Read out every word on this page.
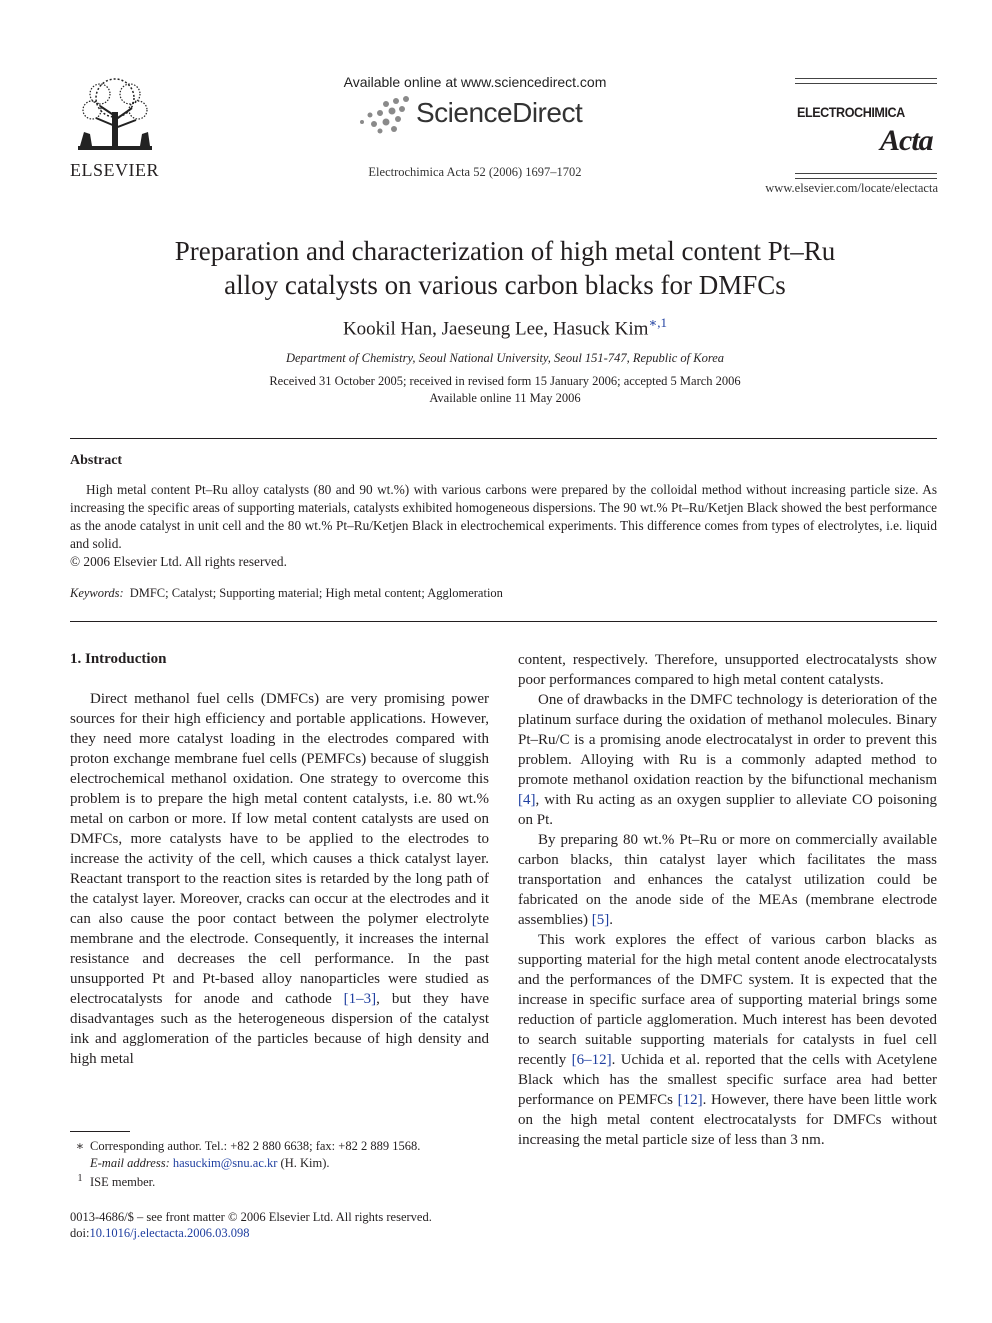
ELSEVIER
Available online at www.sciencedirect.com
ScienceDirect
Electrochimica Acta 52 (2006) 1697–1702
ELECTROCHIMICA
Acta
www.elsevier.com/locate/electacta
Preparation and characterization of high metal content Pt–Ru
alloy catalysts on various carbon blacks for DMFCs
Kookil Han, Jaeseung Lee, Hasuck Kim$^{∗,1}$
Department of Chemistry, Seoul National University, Seoul 151-747, Republic of Korea
Received 31 October 2005; received in revised form 15 January 2006; accepted 5 March 2006
Available online 11 May 2006
Abstract

High metal content Pt–Ru alloy catalysts (80 and 90 wt.%) with various carbons were prepared by the colloidal method without increasing particle size. As increasing the specific areas of supporting materials, catalysts exhibited homogeneous dispersions. The 90 wt.% Pt–Ru/Ketjen Black showed the best performance as the anode catalyst in unit cell and the 80 wt.% Pt–Ru/Ketjen Black in electrochemical experiments. This difference comes from types of electrolytes, i.e. liquid and solid.

© 2006 Elsevier Ltd. All rights reserved.
Keywords: DMFC; Catalyst; Supporting material; High metal content; Agglomeration
1. Introduction

Direct methanol fuel cells (DMFCs) are very promising power sources for their high efficiency and portable applications. However, they need more catalyst loading in the electrodes compared with proton exchange membrane fuel cells (PEMFCs) because of sluggish electrochemical methanol oxidation. One strategy to overcome this problem is to prepare the high metal content catalysts, i.e. 80 wt.% metal on carbon or more. If low metal content catalysts are used on DMFCs, more catalysts have to be applied to the electrodes to increase the activity of the cell, which causes a thick catalyst layer. Reactant transport to the reaction sites is retarded by the long path of the catalyst layer. Moreover, cracks can occur at the electrodes and it can also cause the poor contact between the polymer electrolyte membrane and the electrode. Consequently, it increases the internal resistance and decreases the cell performance. In the past unsupported Pt and Pt-based alloy nanoparticles were studied as electrocatalysts for anode and cathode [1–3], but they have disadvantages such as the heterogeneous dispersion of the catalyst ink and agglomeration of the particles because of high density and high metal

content, respectively. Therefore, unsupported electrocatalysts show poor performances compared to high metal content catalysts.

One of drawbacks in the DMFC technology is deterioration of the platinum surface during the oxidation of methanol molecules. Binary Pt–Ru/C is a promising anode electrocatalyst in order to prevent this problem. Alloying with Ru is a commonly adapted method to promote methanol oxidation reaction by the bifunctional mechanism [4], with Ru acting as an oxygen supplier to alleviate CO poisoning on Pt.

By preparing 80 wt.% Pt–Ru or more on commercially available carbon blacks, thin catalyst layer which facilitates the mass transportation and enhances the catalyst utilization could be fabricated on the anode side of the MEAs (membrane electrode assemblies) [5].

This work explores the effect of various carbon blacks as supporting material for the high metal content anode electrocatalysts and the performances of the DMFC system. It is expected that the increase in specific surface area of supporting material brings some reduction of particle agglomeration. Much interest has been devoted to search suitable supporting materials for catalysts in fuel cell recently [6–12]. Uchida et al. reported that the cells with Acetylene Black which has the smallest specific surface area had better performance on PEMFCs [12]. However, there have been little work on the high metal content electrocatalysts for DMFCs without increasing the metal particle size of less than 3 nm.

∗ Corresponding author. Tel.: +82 2 880 6638; fax: +82 2 889 1568.
E-mail address: hasuckim@snu.ac.kr (H. Kim).
$^1$ ISE member.
0013-4686/$ – see front matter © 2006 Elsevier Ltd. All rights reserved.
doi:10.1016/j.electacta.2006.03.098
